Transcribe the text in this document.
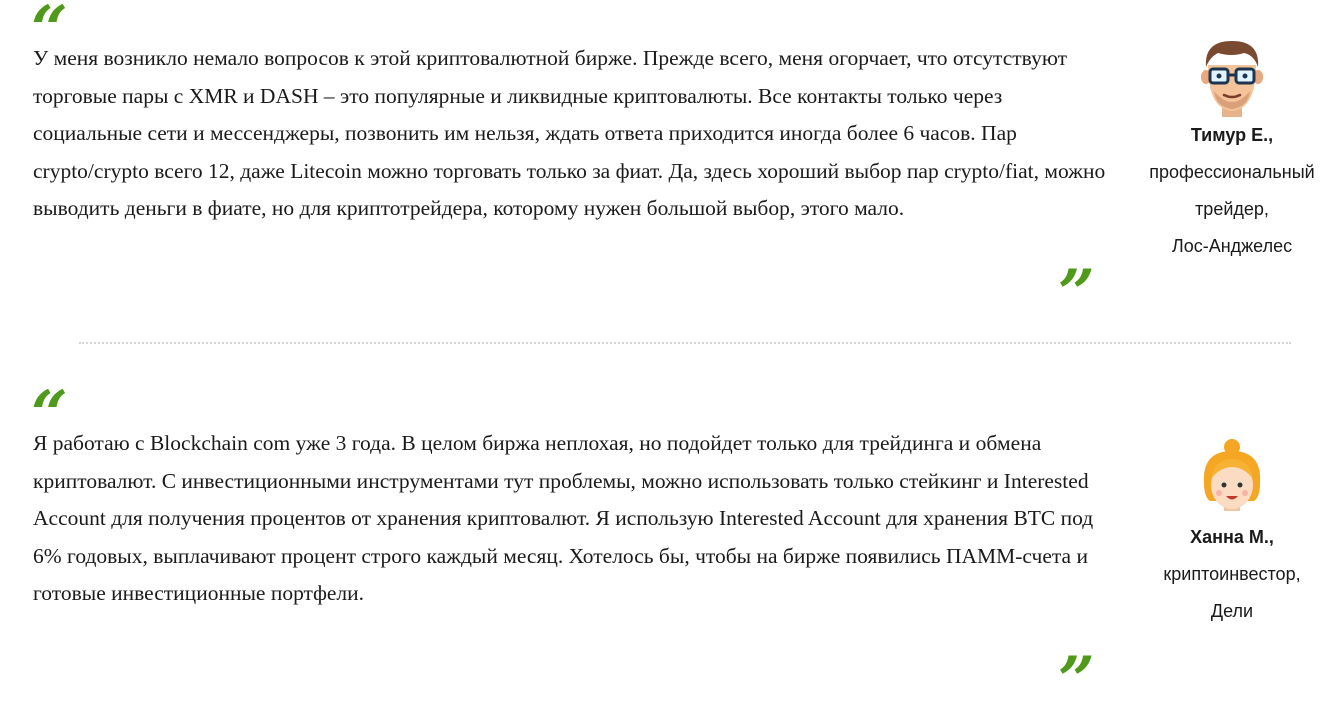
“

У меня возникло немало вопросов к этой криптовалютной бирже. Прежде всего, меня огорчает, что отсутствуют торговые пары с XMR и DASH – это популярные и ликвидные криптовалюты. Все контакты только через социальные сети и мессенджеры, позвонить им нельзя, ждать ответа приходится иногда более 6 часов. Пар crypto/crypto всего 12, даже Litecoin можно торговать только за фиат. Да, здесь хороший выбор пар crypto/fiat, можно выводить деньги в фиате, но для криптотрейдера, которому нужен большой выбор, этого мало.

”
Тимур Е.,
профессиональный
трейдер,
Лос-Анджелес
“

Я работаю с Blockchain com уже 3 года. В целом биржа неплохая, но подойдет только для трейдинга и обмена криптовалют. С инвестиционными инструментами тут проблемы, можно использовать только стейкинг и Interested Account для получения процентов от хранения криптовалют. Я использую Interested Account для хранения BTC под 6% годовых, выплачивают процент строго каждый месяц. Хотелось бы, чтобы на бирже появились ПАММ-счета и готовые инвестиционные портфели.

”
Ханна М.,
криптоинвестор,
Дели
